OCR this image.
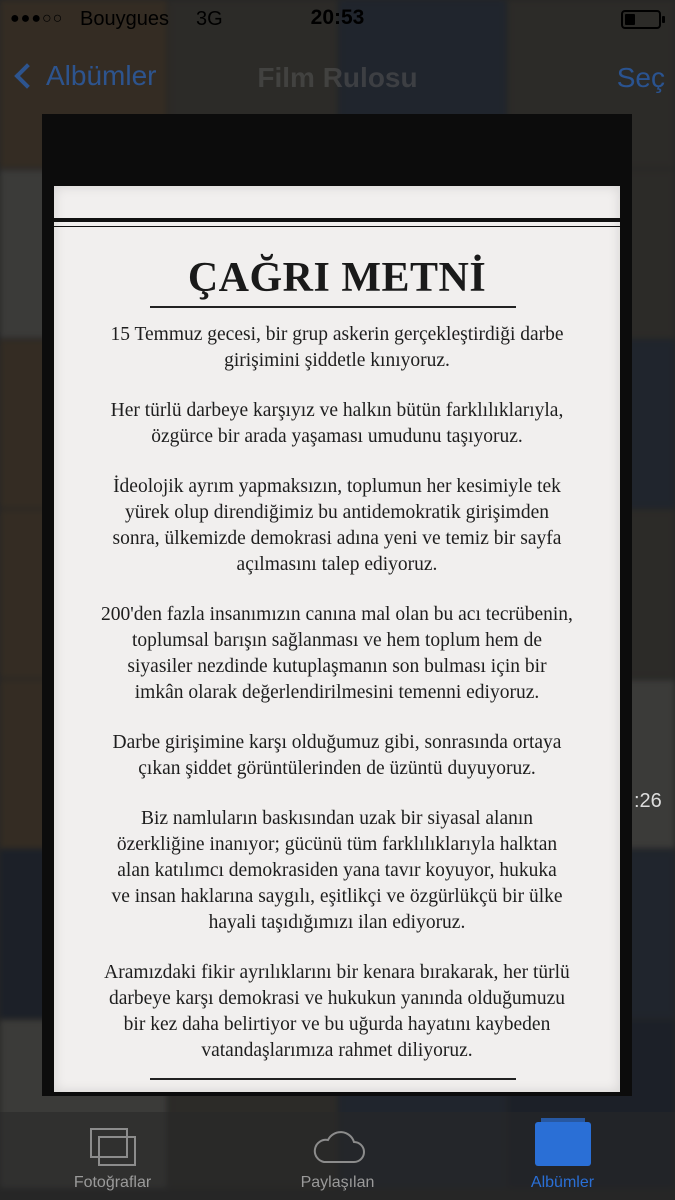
●●●○○ Bouygues 3G	20:53
Albümler	Film Rulosu	Seç
ÇAĞRI METNİ
15 Temmuz gecesi, bir grup askerin gerçekleştirdiği darbe
girişimini şiddetle kınıyoruz.
Her türlü darbeye karşıyız ve halkın bütün farklılıklarıyla,
özgürce bir arada yaşaması umudunu taşıyoruz.
İdeolojik ayrım yapmaksızın, toplumun her kesimiyle tek
yürek olup direndiğimiz bu antidemokratik girişimden
sonra, ülkemizde demokrasi adına yeni ve temiz bir sayfa
açılmasını talep ediyoruz.
200'den fazla insanımızın canına mal olan bu acı tecrübenin,
toplumsal barışın sağlanması ve hem toplum hem de
siyasiler nezdinde kutuplaşmanın son bulması için bir
imkân olarak değerlendirilmesini temenni ediyoruz.
Darbe girişimine karşı olduğumuz gibi, sonrasında ortaya
çıkan şiddet görüntülerinden de üzüntü duyuyoruz.
Biz namluların baskısından uzak bir siyasal alanın
özerkliğine inanıyor; gücünü tüm farklılıklarıyla halktan
alan katılımcı demokrasiden yana tavır koyuyor, hukuka
ve insan haklarına saygılı, eşitlikçi ve özgürlükçü bir ülke
hayali taşıdığımızı ilan ediyoruz.
Aramızdaki fikir ayrılıklarını bir kenara bırakarak, her türlü
darbeye karşı demokrasi ve hukukun yanında olduğumuzu
bir kez daha belirtiyor ve bu uğurda hayatını kaybeden
vatandaşlarımıza rahmet diliyoruz.
:26
Fotoğraflar	Paylaşılan	Albümler
